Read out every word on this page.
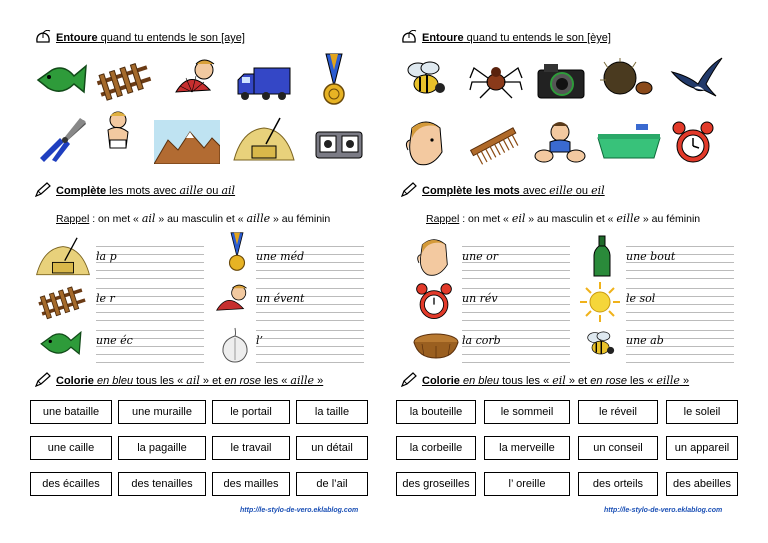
Entoure quand tu entends le son [aye]
Complète les mots avec aille ou ail
Rappel : on met « ail » au masculin et « aille » au féminin
la p	une méd
le r	un évent
une éc	l’
Colorie en bleu tous les « ail » et en rose les « aille »
une bataille	une muraille	le portail	la taille
une caille	la pagaille	le travail	un détail
des écailles	des tenailles	des mailles	de l’ail
http://le-stylo-de-vero.eklablog.com
Entoure quand tu entends le son [èye]
Complète les mots avec eille ou eil
Rappel : on met « eil » au masculin et « eille » au féminin
une or	une bout
un rév	le sol
la corb	une ab
Colorie en bleu tous les « eil » et en rose les « eille »
la bouteille	le sommeil	le réveil	le soleil
la corbeille	la merveille	un conseil	un appareil
des groseilles	l’ oreille	des orteils	des abeilles
http://le-stylo-de-vero.eklablog.com
